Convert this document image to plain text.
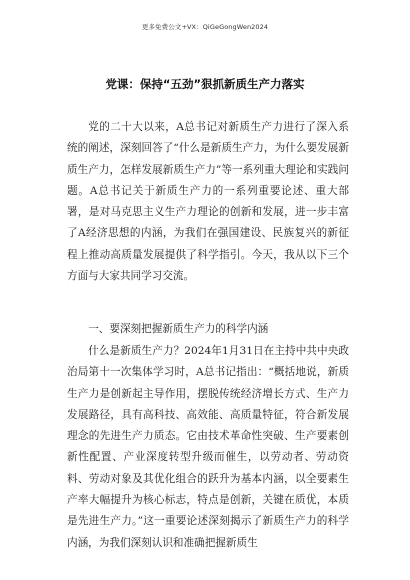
更多免费公文+VX：QiGeGongWen2024
党课：保持“五劲”狠抓新质生产力落实

党的二十大以来，A总书记对新质生产力进行了深入系统的阐述，深刻回答了“什么是新质生产力，为什么要发展新质生产力，怎样发展新质生产力”等一系列重大理论和实践问题。A总书记关于新质生产力的一系列重要论述、重大部署，是对马克思主义生产力理论的创新和发展，进一步丰富了A经济思想的内涵，为我们在强国建设、民族复兴的新征程上推动高质量发展提供了科学指引。今天，我从以下三个方面与大家共同学习交流。

一、要深刻把握新质生产力的科学内涵

什么是新质生产力？2024年1月31日在主持中共中央政治局第十一次集体学习时，A总书记指出：“概括地说，新质生产力是创新起主导作用，摆脱传统经济增长方式、生产力发展路径，具有高科技、高效能、高质量特征，符合新发展理念的先进生产力质态。它由技术革命性突破、生产要素创新性配置、产业深度转型升级而催生，以劳动者、劳动资料、劳动对象及其优化组合的跃升为基本内涵，以全要素生产率大幅提升为核心标志，特点是创新，关键在质优，本质是先进生产力。”这一重要论述深刻揭示了新质生产力的科学内涵，为我们深刻认识和准确把握新质生
